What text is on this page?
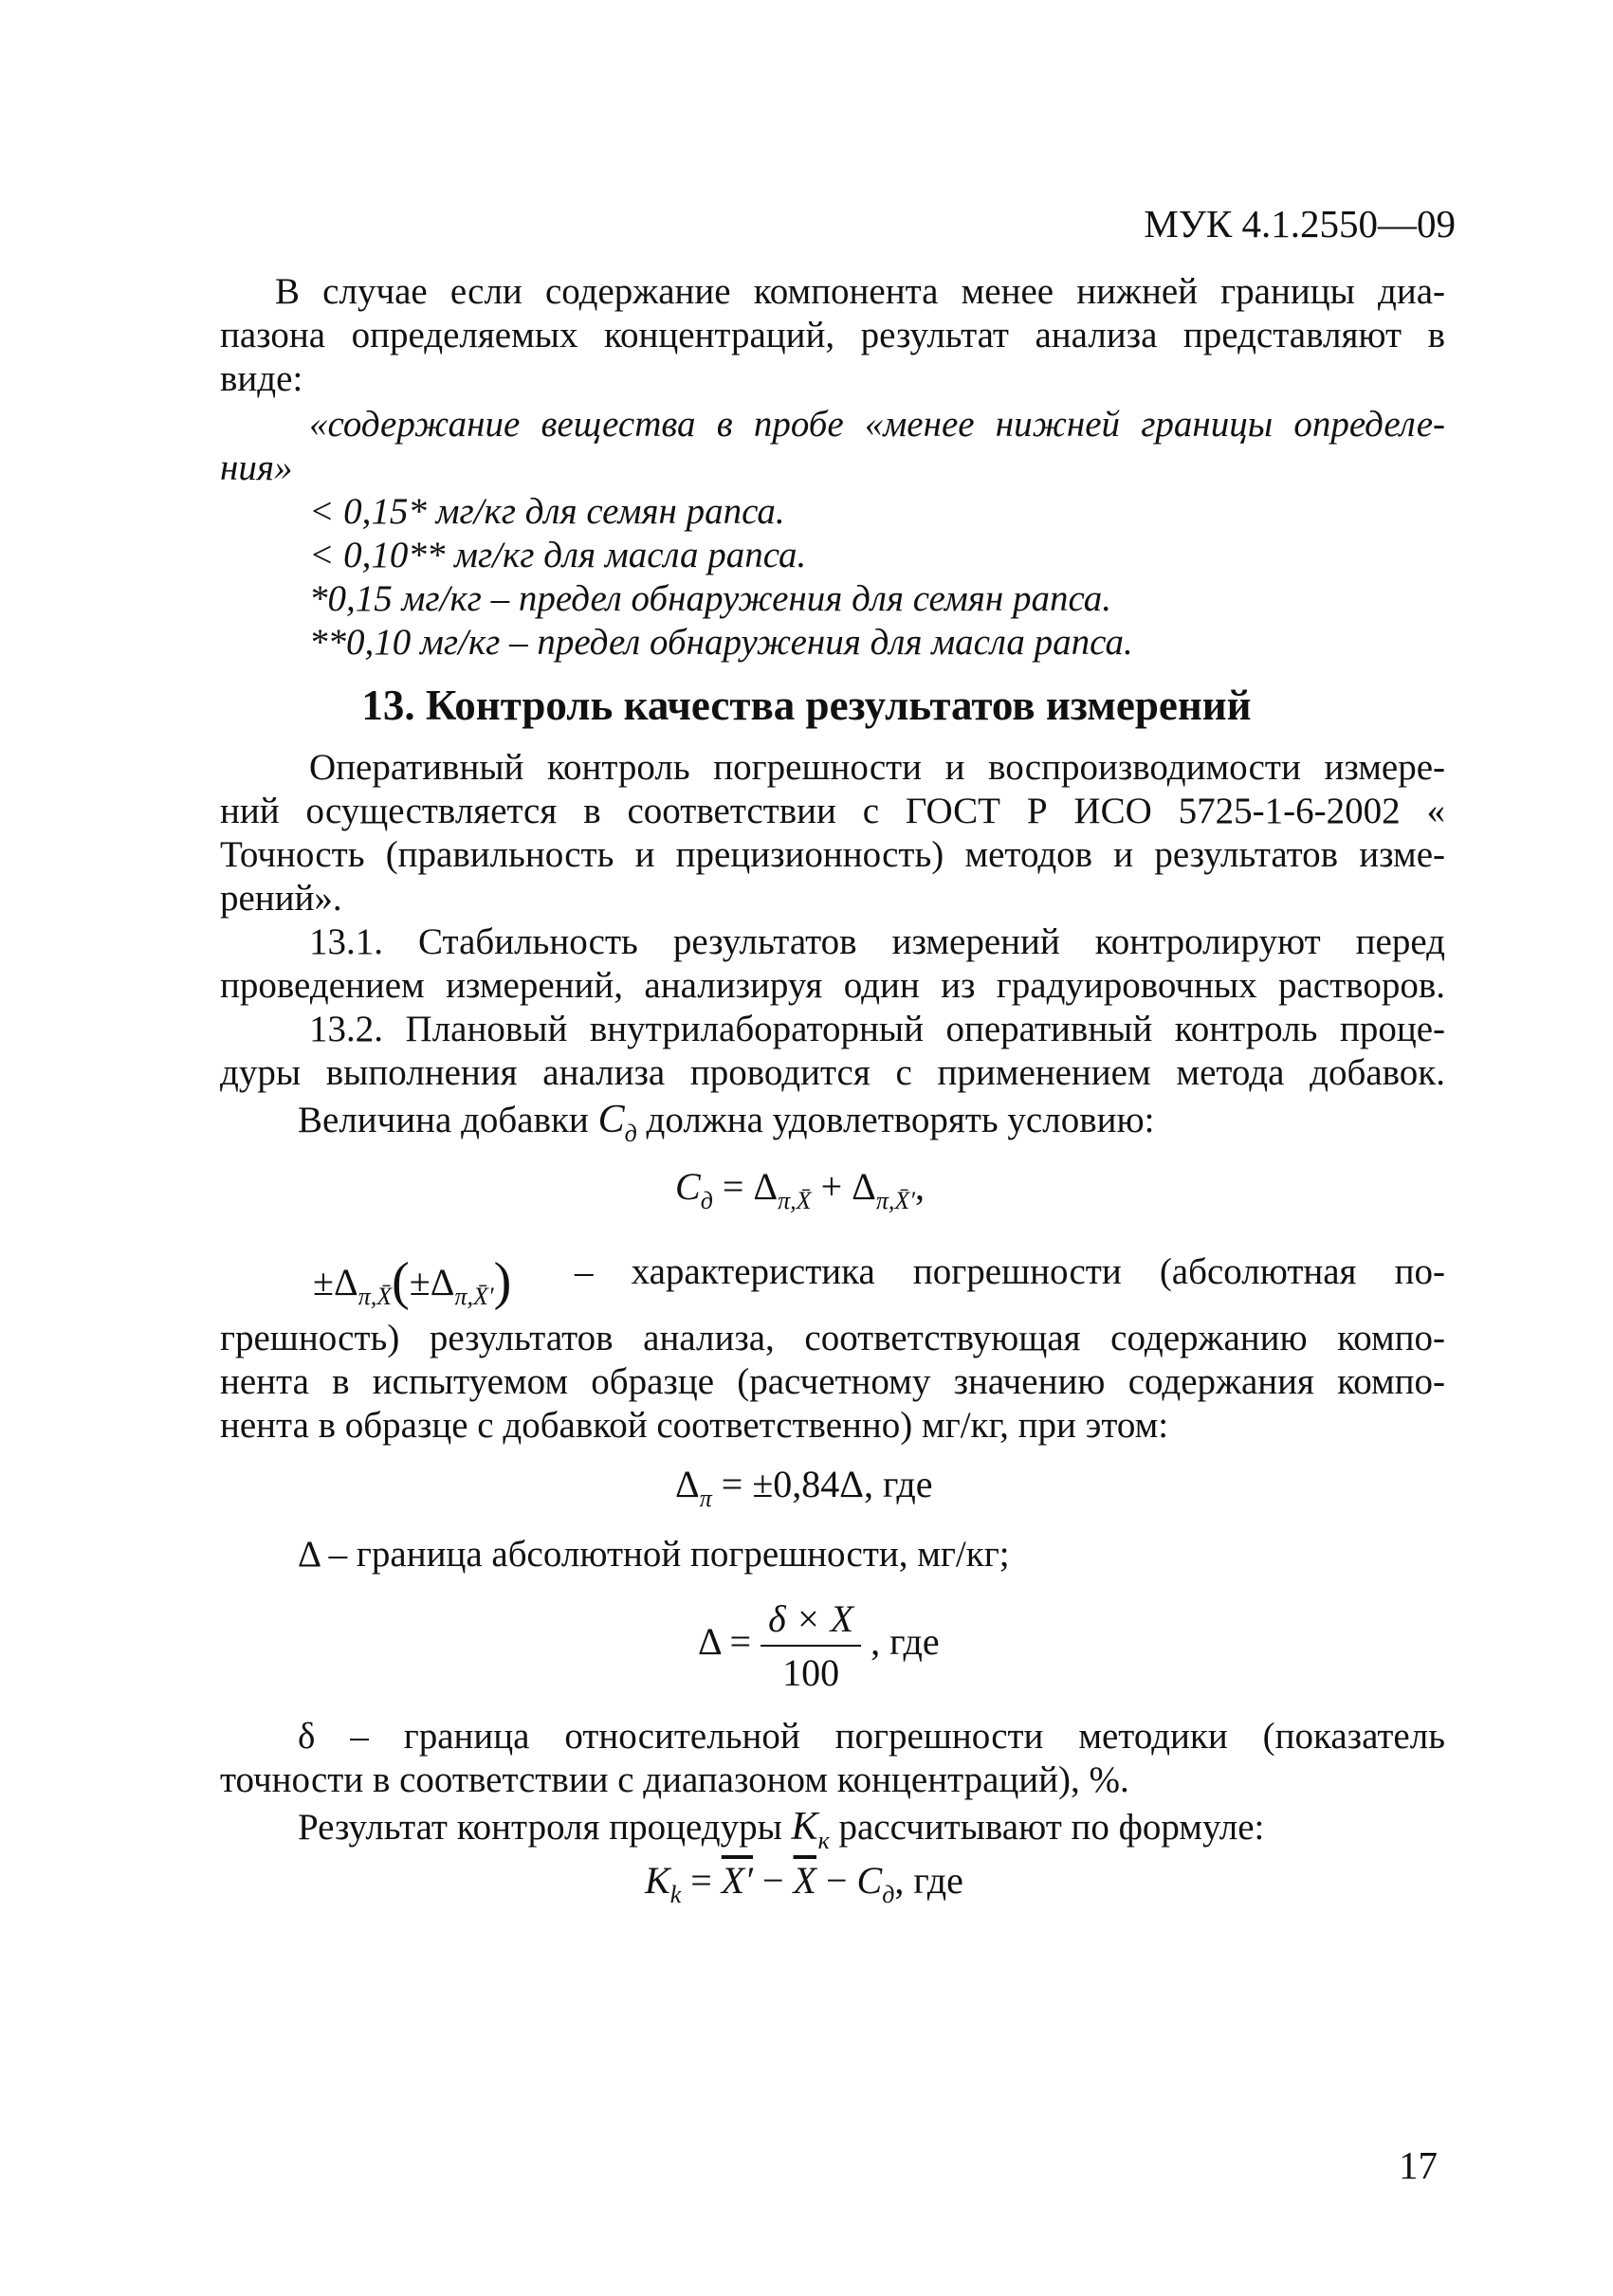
МУК 4.1.2550—09
В случае если содержание компонента менее нижней границы диа-
пазона определяемых концентраций, результат анализа представляют в
виде:
«содержание вещества в пробе «менее нижней границы определе-
ния»
< 0,15* мг/кг для семян рапса.
< 0,10** мг/кг для масла рапса.
*0,15 мг/кг – предел обнаружения для семян рапса.
**0,10 мг/кг – предел обнаружения для масла рапса.
13. Контроль качества результатов измерений
Оперативный контроль погрешности и воспроизводимости измере-
ний осуществляется в соответствии с ГОСТ Р ИСО 5725-1-6-2002 «
Точность (правильность и прецизионность) методов и результатов изме-
рений».
13.1. Стабильность результатов измерений контролируют перед
проведением измерений, анализируя один из градуировочных растворов.
13.2. Плановый внутрилабораторный оперативный контроль проце-
дуры выполнения анализа проводится с применением метода добавок.
Величина добавки $C_д$ должна удовлетворять условию:
$C_д = \Delta_{\pi,X̄} + \Delta_{\pi,X̄'}$,
$\pm\Delta_{\pi,X̄}(\pm\Delta_{\pi,X̄'})$ – характеристика погрешности (абсолютная по-
грешность) результатов анализа, соответствующая содержанию компо-
нента в испытуемом образце (расчетному значению содержания компо-
нента в образце с добавкой соответственно) мг/кг, при этом:
$\Delta_\pi = \pm 0,84\Delta$, где
Δ – граница абсолютной погрешности, мг/кг;
$\Delta = \frac{\delta \times X}{100}$ , где
δ – граница относительной погрешности методики (показатель
точности в соответствии с диапазоном концентраций), %.
Результат контроля процедуры $K_к$ рассчитывают по формуле:
$K_k = X' - \overline{X} - C_д$, где
17
